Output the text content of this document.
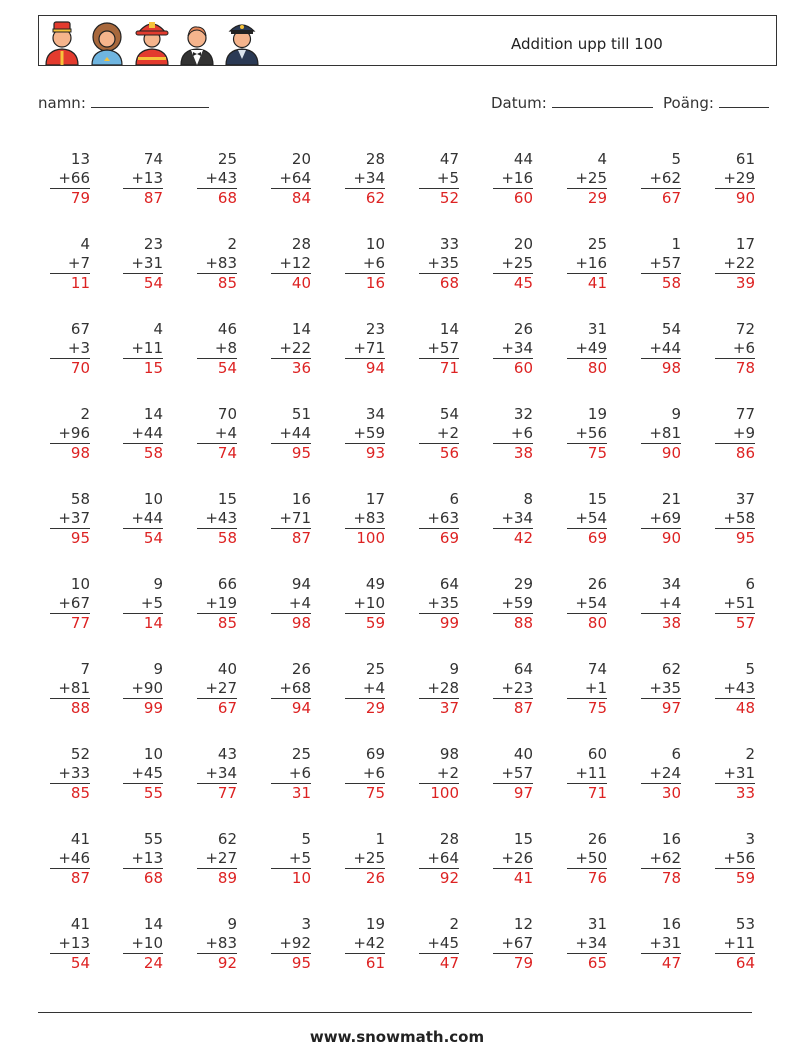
Addition upp till 100
namn:	Datum:	Poäng:
13
+66
79
74
+13
87
25
+43
68
20
+64
84
28
+34
62
47
+5
52
44
+16
60
4
+25
29
5
+62
67
61
+29
90
4
+7
11
23
+31
54
2
+83
85
28
+12
40
10
+6
16
33
+35
68
20
+25
45
25
+16
41
1
+57
58
17
+22
39
67
+3
70
4
+11
15
46
+8
54
14
+22
36
23
+71
94
14
+57
71
26
+34
60
31
+49
80
54
+44
98
72
+6
78
2
+96
98
14
+44
58
70
+4
74
51
+44
95
34
+59
93
54
+2
56
32
+6
38
19
+56
75
9
+81
90
77
+9
86
58
+37
95
10
+44
54
15
+43
58
16
+71
87
17
+83
100
6
+63
69
8
+34
42
15
+54
69
21
+69
90
37
+58
95
10
+67
77
9
+5
14
66
+19
85
94
+4
98
49
+10
59
64
+35
99
29
+59
88
26
+54
80
34
+4
38
6
+51
57
7
+81
88
9
+90
99
40
+27
67
26
+68
94
25
+4
29
9
+28
37
64
+23
87
74
+1
75
62
+35
97
5
+43
48
52
+33
85
10
+45
55
43
+34
77
25
+6
31
69
+6
75
98
+2
100
40
+57
97
60
+11
71
6
+24
30
2
+31
33
41
+46
87
55
+13
68
62
+27
89
5
+5
10
1
+25
26
28
+64
92
15
+26
41
26
+50
76
16
+62
78
3
+56
59
41
+13
54
14
+10
24
9
+83
92
3
+92
95
19
+42
61
2
+45
47
12
+67
79
31
+34
65
16
+31
47
53
+11
64
www.snowmath.com
